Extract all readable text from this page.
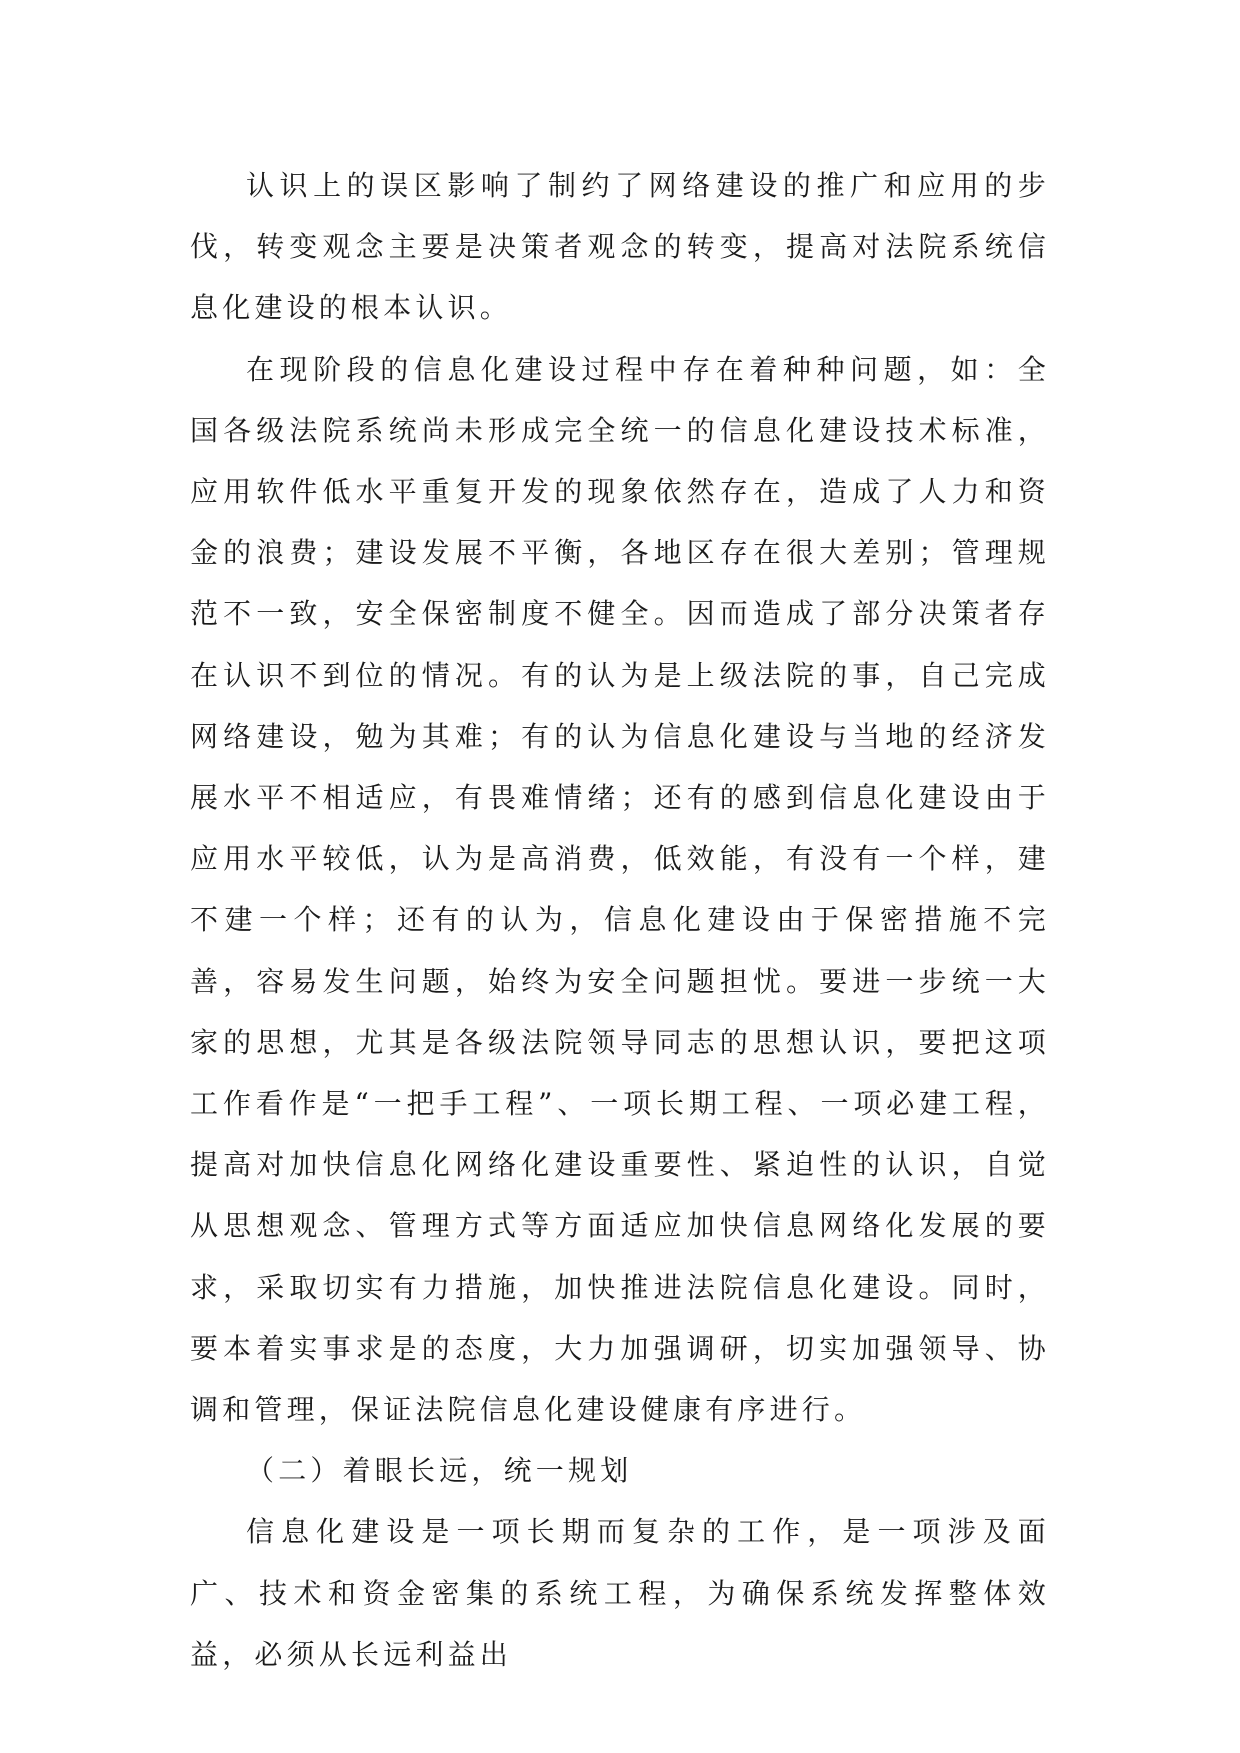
认识上的误区影响了制约了网络建设的推广和应用的步伐，转变观念主要是决策者观念的转变，提高对法院系统信息化建设的根本认识。

在现阶段的信息化建设过程中存在着种种问题，如：全国各级法院系统尚未形成完全统一的信息化建设技术标准，应用软件低水平重复开发的现象依然存在，造成了人力和资金的浪费；建设发展不平衡，各地区存在很大差别；管理规范不一致，安全保密制度不健全。因而造成了部分决策者存在认识不到位的情况。有的认为是上级法院的事，自己完成网络建设，勉为其难；有的认为信息化建设与当地的经济发展水平不相适应，有畏难情绪；还有的感到信息化建设由于应用水平较低，认为是高消费，低效能，有没有一个样，建不建一个样；还有的认为，信息化建设由于保密措施不完善，容易发生问题，始终为安全问题担忧。要进一步统一大家的思想，尤其是各级法院领导同志的思想认识，要把这项工作看作是“一把手工程”、一项长期工程、一项必建工程，提高对加快信息化网络化建设重要性、紧迫性的认识，自觉从思想观念、管理方式等方面适应加快信息网络化发展的要求，采取切实有力措施，加快推进法院信息化建设。同时，要本着实事求是的态度，大力加强调研，切实加强领导、协调和管理，保证法院信息化建设健康有序进行。

（二）着眼长远，统一规划

信息化建设是一项长期而复杂的工作，是一项涉及面广、技术和资金密集的系统工程，为确保系统发挥整体效益，必须从长远利益出
